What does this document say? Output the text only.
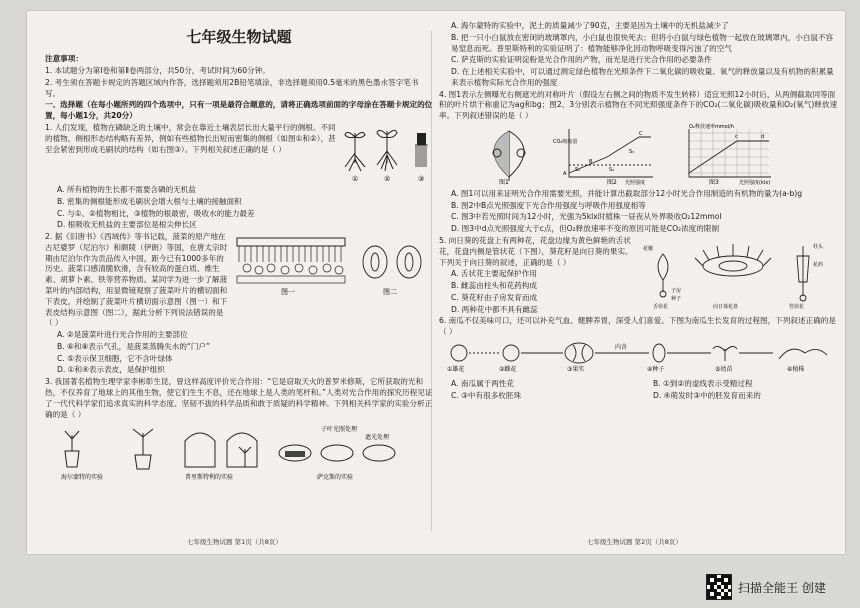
七年级生物试题

注意事项：

1. 本试题分为第Ⅰ卷和第Ⅱ卷两部分，共50分，考试时间为60分钟。

2. 考生须在答题卡规定的答题区域内作答，选择题须用2B铅笔填涂，非选择题须用0.5毫米的黑色墨水签字笔书写。

一、选择题（在每小题所列的四个选项中，只有一项是最符合题意的，请将正确选项前面的字母涂在答题卡规定的位置，每小题1分，共20分）

1. 人们发现，植物在磷缺乏的土壤中，常会在靠近土壤表层长出大量平行的侧根。不同的植物，侧根形态结构略有差异，例如有些植物长出短而密集的侧根（如图①和②），甚至会紧密到形成毛刷状的结构（如右图③）。下列相关叙述正确的是（ ）

①	②	③

A. 所有植物的生长都不需要含磷的无机盐

B. 密集的侧根能形成毛刷状会增大根与土壤的接触面积

C. 与①、②植物相比，③植物的根最密，吸收水的能力最差

D. 根吸收无机盐的主要部位是根尖伸长区

2. 据《旧唐书》《西域传》等书记载，菠菜的原产地在古尼婆罗（尼泊尔）和颇陵（伊朗）等国，在唐太宗时期由尼泊尔作为贡品传入中国，距今已有1000多年的历史。菠菜口感清脆软滑，含有较高的蛋白质、维生素、胡萝卜素、铁等营养物质。某同学为进一步了解菠菜叶的内部结构，用显微镜观察了菠菜叶片的横切面和下表皮，并绘制了菠菜叶片横切面示意图（图一）和下表皮结构示意图（图二），据此分析下列说法错误的是（ ）

图一	图二

A. ②是菠菜叶进行光合作用的主要部位

B. ⑥和⑧表示气孔，是菠菜蒸腾失水的“门户”

C. ⑤表示保卫细胞，它不含叶绿体

D. ①和④表示表皮，是保护组织

3. 我国著名植物生理学家李彬彰生昆，曾这样高度评价光合作用：“它是窃取天火的普罗米修斯，它所获取的光和热，不仅养育了地球上的其他生物，使它们生生不息，还在地球上是人类的笔杆和。”人类对光合作用的探究历程见证了一代代科学家们追求真实的科学态度、坚韧不拔的科学品质和敢于质疑的科学精神。下列相关科学家的实验分析正确的是（ ）

子叶光照处理
遮光处理
海尔蒙特的实验	普里斯特利的实验	萨克斯的实验

A. 海尔蒙特的实验中，泥土的质量减少了90克，主要是因为土壤中的无机盐减少了

B. 把一只小白鼠放在密闭的玻璃罩内，小白鼠也很快死去；但将小白鼠与绿色植物一起放在玻璃罩内，小白鼠不容易窒息而死。普里斯特利的实验证明了：植物能够净化因动物呼吸变得污浊了的空气

C. 萨克斯的实验证明淀粉是光合作用的产物，而光是进行光合作用的必要条件

D. 在上述相关实验中，可以通过测定绿色植物在光照条件下二氧化碳的吸收量、氧气的释放量以及有机物的积累量来表示植物实际光合作用的强度

4. 图1表示左侧曝光右侧遮光的对称叶片（假设左右侧之间的物质不发生转移）适宜光照12小时后，从两侧截取同等面积的叶片烘干称重记为ag和bg；图2、3分别表示植物在不同光照强度条件下的CO₂(二氧化碳)吸收量和O₂(氧气)释放速率。下列叙述错误的是（ ）

图1
CO₂吸收量
光照强度
A
B
C
S₁	S₂
S₃
图2
O₂释放速率mmol/h
光照强度(klx)
c	d
图3

A. 图1可以用来证明光合作用需要光照，并能计算出截取部分12小时光合作用制造的有机物的量为(a-b)g

B. 图2中B点光照强度下光合作用强度与呼吸作用强度相等

C. 图3中若光照时间为12小时，光强为5klx时植株一昼夜从外界吸收O₂12mmol

D. 图3中d点光照强度大于c点，但O₂释放速率不变的原因可能是CO₂浓度的限制

5. 向日葵的花盘上有两种花，花盘边缘为黄色鲜艳的舌状花，花盘内侧是管状花（下图），葵花籽是向日葵的果实。下列关于向日葵的叙述，正确的是（ ）

A. 舌状花主要起保护作用

B. 雌蕊由柱头和花药构成

C. 葵花籽由子房发育而成

D. 两种花中都不具有雌蕊

花瓣
舌状花
子房
种子
向日葵花盘	管状花
柱头
花药

6. 南瓜不仅美味可口，还可以补充气血、健脾养胃，深受人们喜爱。下图为南瓜生长发育的过程图，下列叙述正确的是（ ）

①雄花	②雌花	③果实	④种子	⑤幼苗	⑥植株
内含

A. 南瓜属于两性花	B. ①到②的虚线表示受精过程

C. ③中有很多枚胚珠	D. ④萌发时③中的胚发育而来的

七年级生物试题 第1页（共8页）	七年级生物试题 第2页（共8页）
扫描全能王 创建
